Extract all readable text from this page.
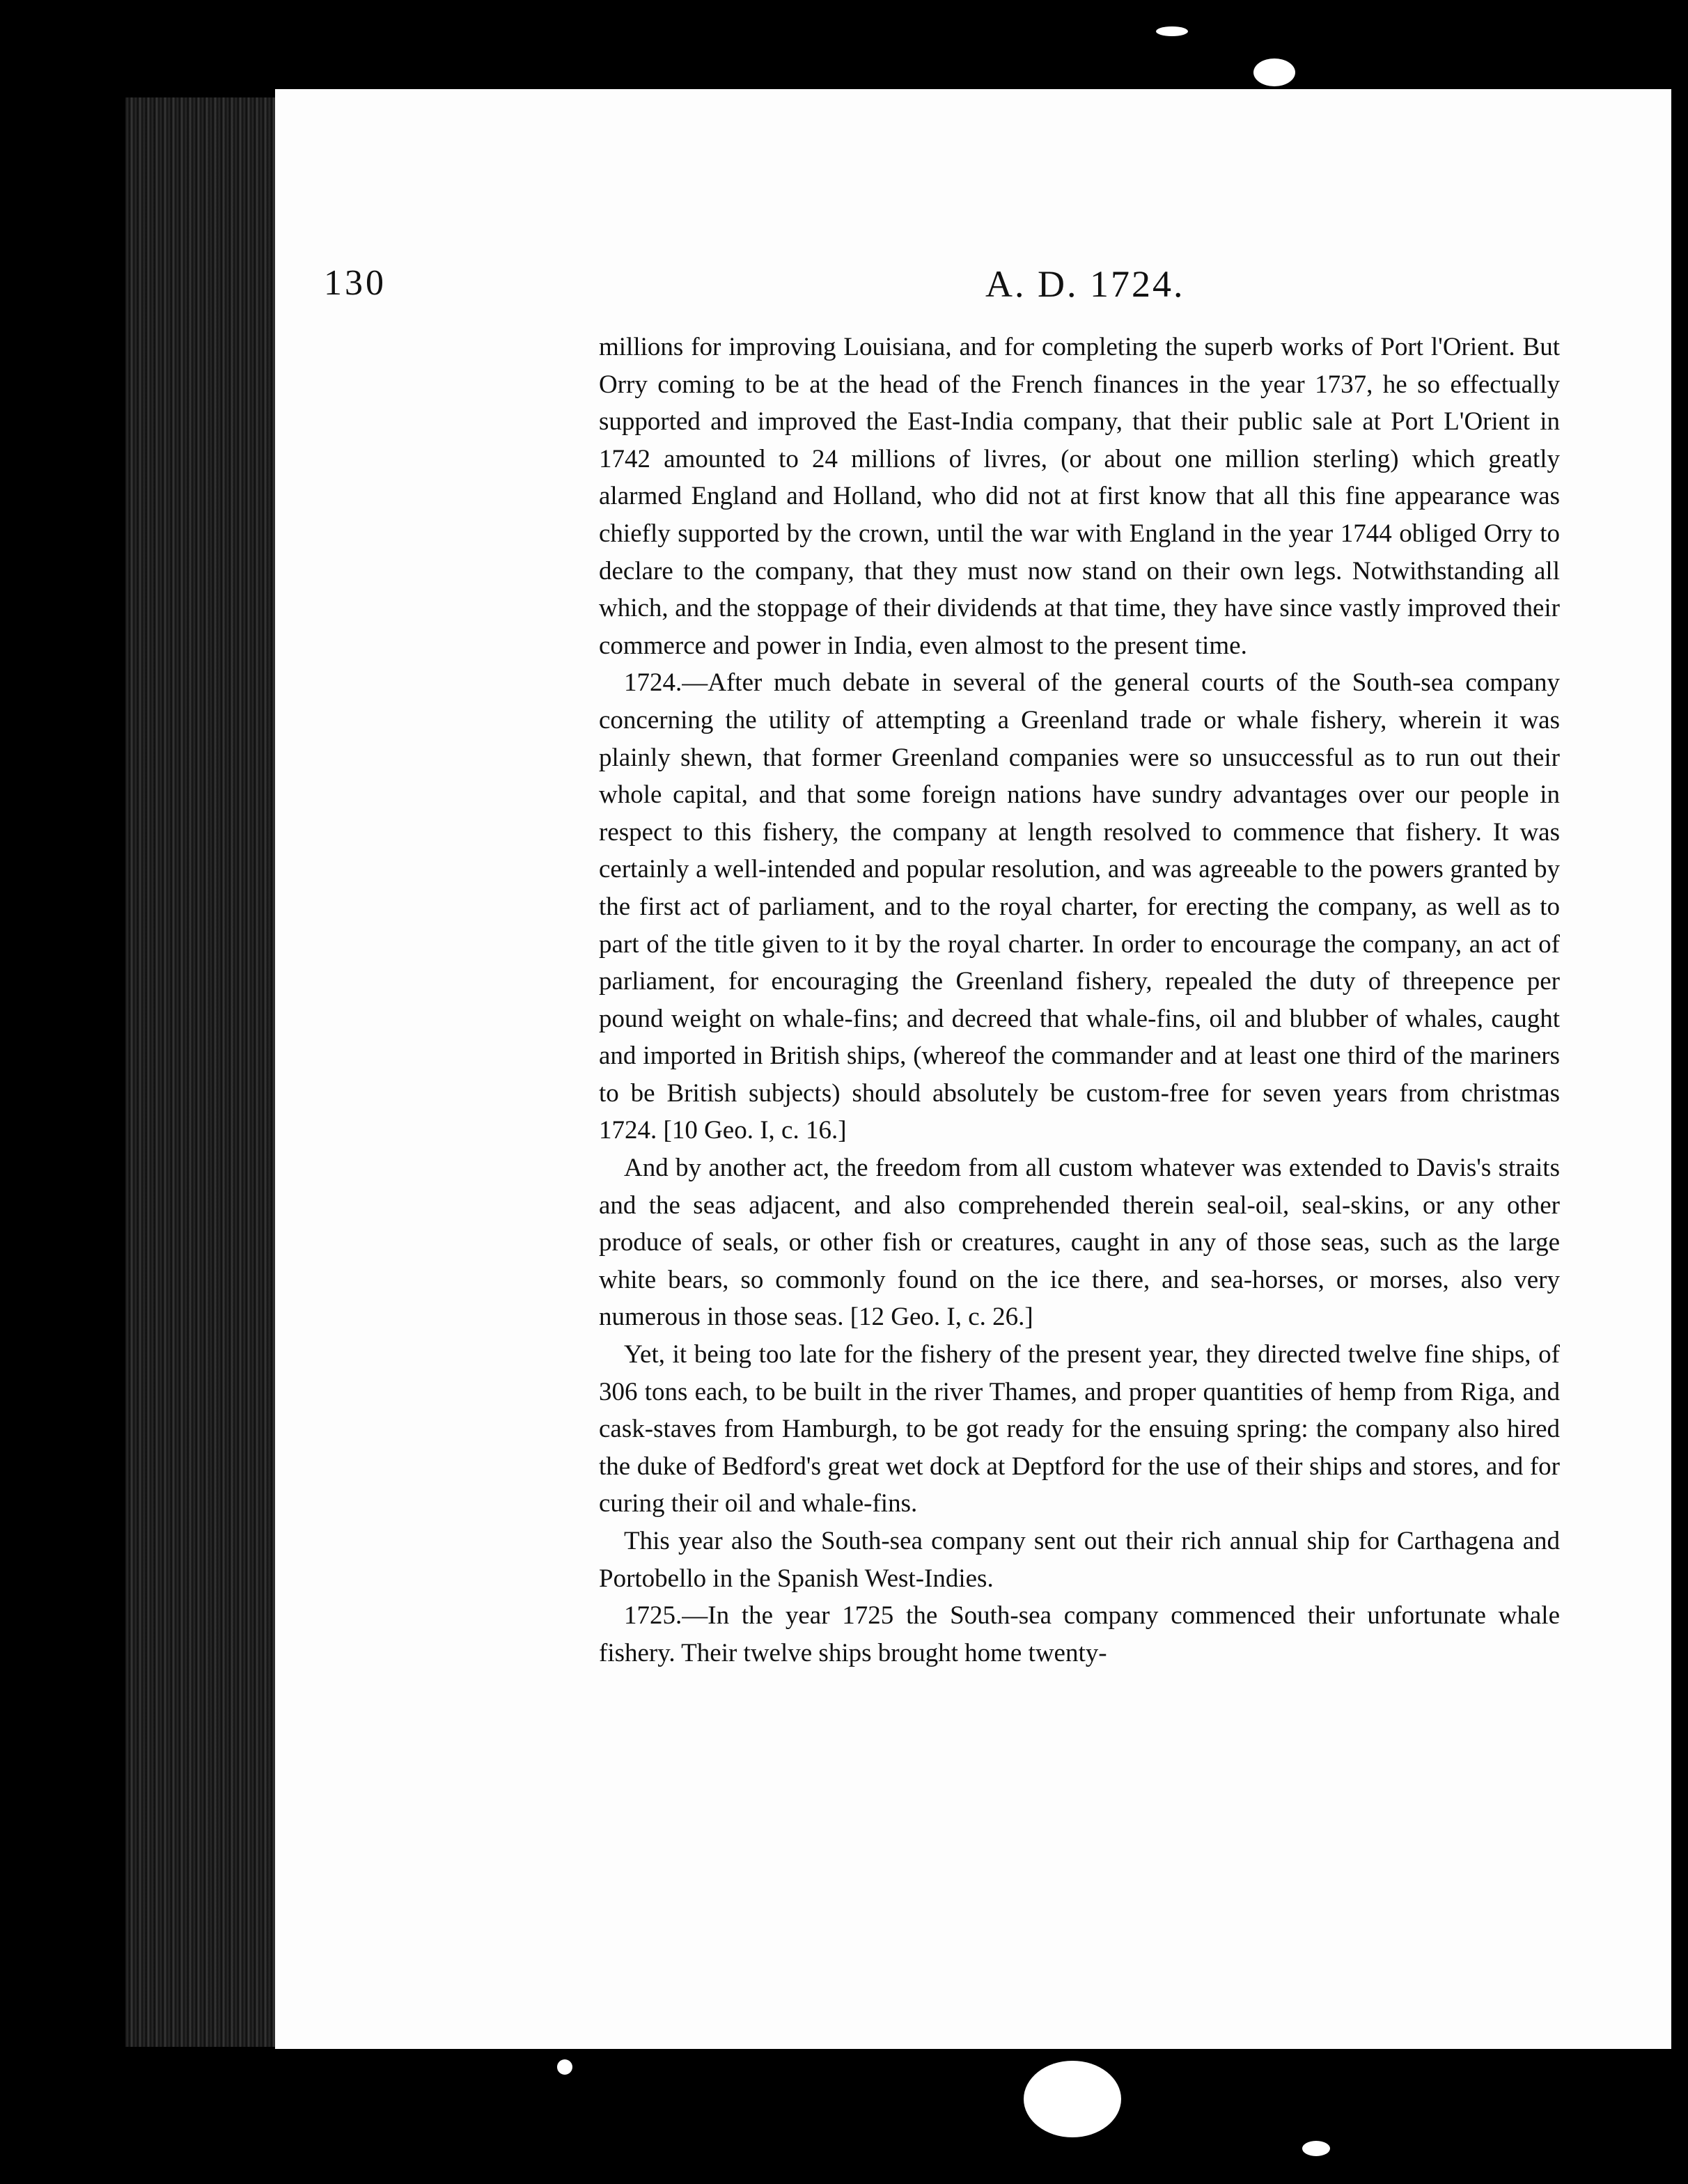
130	A. D. 1724.

millions for improving Louisiana, and for completing the superb works of Port l'Orient. But Orry coming to be at the head of the French finances in the year 1737, he so effectually supported and improved the East-India company, that their public sale at Port L'Orient in 1742 amounted to 24 millions of livres, (or about one million sterling) which greatly alarmed England and Holland, who did not at first know that all this fine appearance was chiefly supported by the crown, until the war with England in the year 1744 obliged Orry to declare to the company, that they must now stand on their own legs. Notwithstanding all which, and the stoppage of their dividends at that time, they have since vastly improved their commerce and power in India, even almost to the present time.

1724.—After much debate in several of the general courts of the South-sea company concerning the utility of attempting a Greenland trade or whale fishery, wherein it was plainly shewn, that former Greenland companies were so unsuccessful as to run out their whole capital, and that some foreign nations have sundry advantages over our people in respect to this fishery, the company at length resolved to commence that fishery. It was certainly a well-intended and popular resolution, and was agreeable to the powers granted by the first act of parliament, and to the royal charter, for erecting the company, as well as to part of the title given to it by the royal charter. In order to encourage the company, an act of parliament, for encouraging the Greenland fishery, repealed the duty of threepence per pound weight on whale-fins; and decreed that whale-fins, oil and blubber of whales, caught and imported in British ships, (whereof the commander and at least one third of the mariners to be British subjects) should absolutely be custom-free for seven years from christmas 1724. [10 Geo. I, c. 16.]

And by another act, the freedom from all custom whatever was extended to Davis's straits and the seas adjacent, and also comprehended therein seal-oil, seal-skins, or any other produce of seals, or other fish or creatures, caught in any of those seas, such as the large white bears, so commonly found on the ice there, and sea-horses, or morses, also very numerous in those seas. [12 Geo. I, c. 26.]

Yet, it being too late for the fishery of the present year, they directed twelve fine ships, of 306 tons each, to be built in the river Thames, and proper quantities of hemp from Riga, and cask-staves from Hamburgh, to be got ready for the ensuing spring: the company also hired the duke of Bedford's great wet dock at Deptford for the use of their ships and stores, and for curing their oil and whale-fins.

This year also the South-sea company sent out their rich annual ship for Carthagena and Portobello in the Spanish West-Indies.

1725.—In the year 1725 the South-sea company commenced their unfortunate whale fishery. Their twelve ships brought home twenty-
